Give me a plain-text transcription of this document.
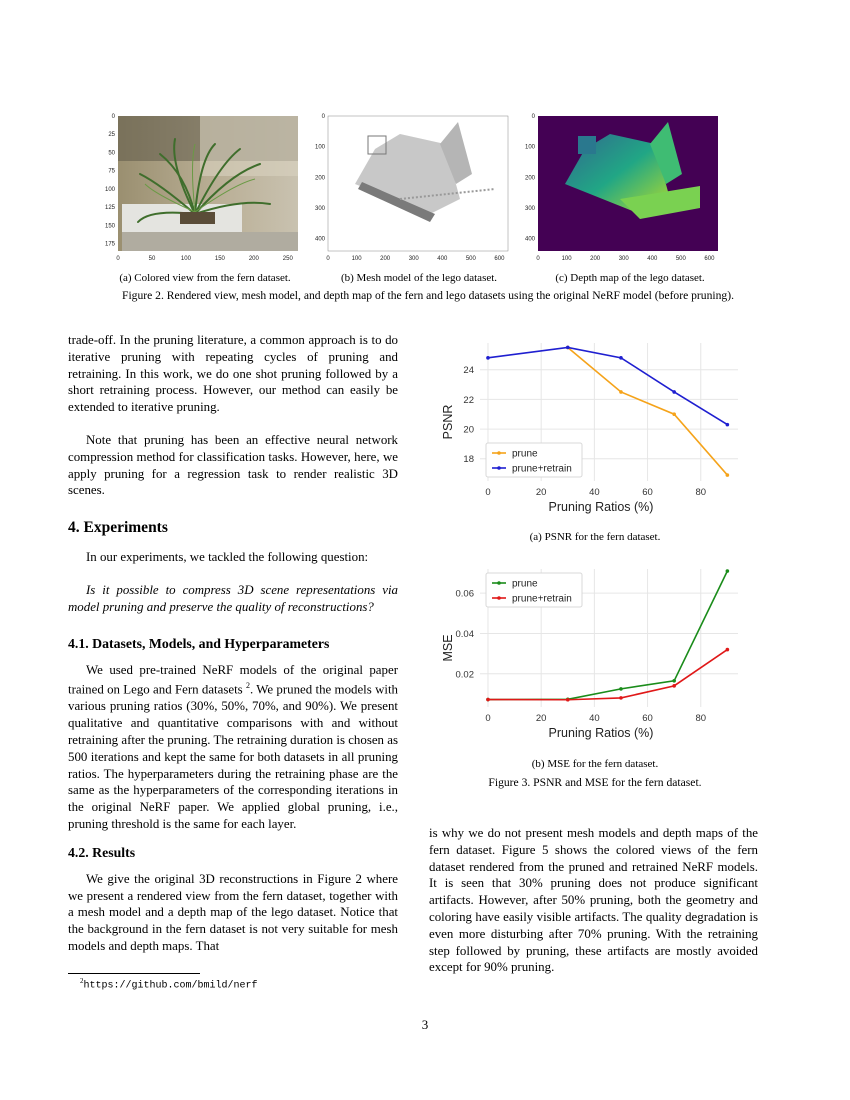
0
25
50
75
100
125
150
175
0	50	100	150	200	250
0
100
200
300
400
0	100	200	300	400	500	600
0
100
200
300
400
0	100	200	300	400	500	600
(a) Colored view from the fern dataset.	(b) Mesh model of the lego dataset.	(c) Depth map of the lego dataset.
Figure 2. Rendered view, mesh model, and depth map of the fern and lego datasets using the original NeRF model (before pruning).

trade-off. In the pruning literature, a common approach is to do iterative pruning with repeating cycles of pruning and retraining. In this work, we do one shot pruning followed by a short retraining process. However, our method can easily be extended to iterative pruning.

Note that pruning has been an effective neural network compression method for classification tasks. However, here, we apply pruning for a regression task to render realistic 3D scenes.

4. Experiments

In our experiments, we tackled the following question:

Is it possible to compress 3D scene representations via model pruning and preserve the quality of reconstructions?

4.1. Datasets, Models, and Hyperparameters

We used pre-trained NeRF models of the original paper trained on Lego and Fern datasets $^2$. We pruned the models with various pruning ratios (30%, 50%, 70%, and 90%). We present qualitative and quantitative comparisons with and without retraining after the pruning. The retraining duration is chosen as 500 iterations and kept the same for both datasets in all pruning ratios. The hyperparameters during the retraining phase are the same as the hyperparameters of the corresponding iterations in the original NeRF paper. We applied global pruning, i.e., pruning threshold is the same for each layer.

4.2. Results

We give the original 3D reconstructions in Figure 2 where we present a rendered view from the fern dataset, together with a mesh model and a depth map of the lego dataset. Notice that the background in the fern dataset is not very suitable for mesh models and depth maps. That

$^2$https://github.com/bmild/nerf
0	20	40	60	80
18
20
22
24
Pruning Ratios (%)
PSNR
prune
prune+retrain
(a) PSNR for the fern dataset.
0	20	40	60	80
0.02
0.04
0.06
Pruning Ratios (%)
MSE
prune
prune+retrain
(b) MSE for the fern dataset.
Figure 3. PSNR and MSE for the fern dataset.

is why we do not present mesh models and depth maps of the fern dataset. Figure 5 shows the colored views of the fern dataset rendered from the pruned and retrained NeRF models. It is seen that 30% pruning does not produce significant artifacts. However, after 50% pruning, both the geometry and coloring have easily visible artifacts. The quality degradation is even more disturbing after 70% pruning. With the retraining step followed by pruning, these artifacts are mostly avoided except for 90% pruning.

3
